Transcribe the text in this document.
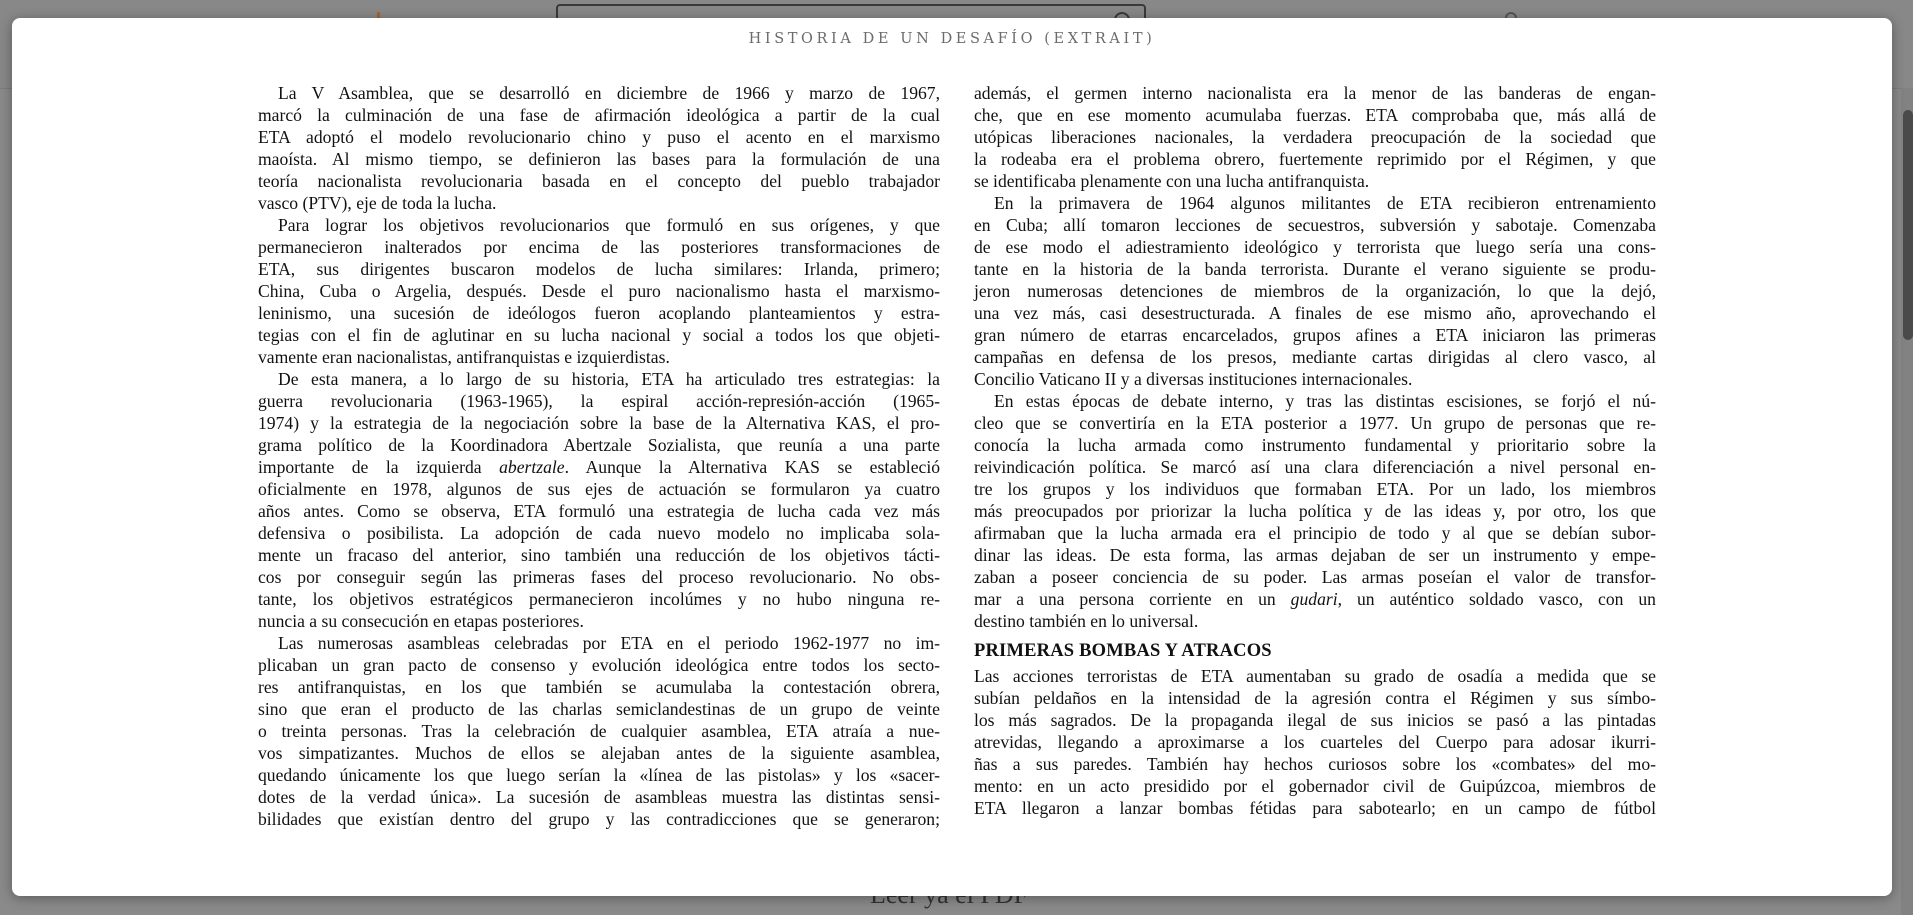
HISTORIA DE UN DESAFÍO (EXTRAIT)

La V Asamblea, que se desarrolló en diciembre de 1966 y marzo de 1967,
marcó la culminación de una fase de afirmación ideológica a partir de la cual
ETA adoptó el modelo revolucionario chino y puso el acento en el marxismo
maoísta. Al mismo tiempo, se definieron las bases para la formulación de una
teoría nacionalista revolucionaria basada en el concepto del pueblo trabajador
vasco (PTV), eje de toda la lucha.

Para lograr los objetivos revolucionarios que formuló en sus orígenes, y que
permanecieron inalterados por encima de las posteriores transformaciones de
ETA, sus dirigentes buscaron modelos de lucha similares: Irlanda, primero;
China, Cuba o Argelia, después. Desde el puro nacionalismo hasta el marxismo-
leninismo, una sucesión de ideólogos fueron acoplando planteamientos y estra-
tegias con el fin de aglutinar en su lucha nacional y social a todos los que objeti-
vamente eran nacionalistas, antifranquistas e izquierdistas.

De esta manera, a lo largo de su historia, ETA ha articulado tres estrategias: la
guerra revolucionaria (1963-1965), la espiral acción-represión-acción (1965-
1974) y la estrategia de la negociación sobre la base de la Alternativa KAS, el pro-
grama político de la Koordinadora Abertzale Sozialista, que reunía a una parte
importante de la izquierda abertzale. Aunque la Alternativa KAS se estableció
oficialmente en 1978, algunos de sus ejes de actuación se formularon ya cuatro
años antes. Como se observa, ETA formuló una estrategia de lucha cada vez más
defensiva o posibilista. La adopción de cada nuevo modelo no implicaba sola-
mente un fracaso del anterior, sino también una reducción de los objetivos tácti-
cos por conseguir según las primeras fases del proceso revolucionario. No obs-
tante, los objetivos estratégicos permanecieron incolúmes y no hubo ninguna re-
nuncia a su consecución en etapas posteriores.

Las numerosas asambleas celebradas por ETA en el periodo 1962-1977 no im-
plicaban un gran pacto de consenso y evolución ideológica entre todos los secto-
res antifranquistas, en los que también se acumulaba la contestación obrera,
sino que eran el producto de las charlas semiclandestinas de un grupo de veinte
o treinta personas. Tras la celebración de cualquier asamblea, ETA atraía a nue-
vos simpatizantes. Muchos de ellos se alejaban antes de la siguiente asamblea,
quedando únicamente los que luego serían la «línea de las pistolas» y los «sacer-
dotes de la verdad única». La sucesión de asambleas muestra las distintas sensi-
bilidades que existían dentro del grupo y las contradicciones que se generaron;

además, el germen interno nacionalista era la menor de las banderas de engan-
che, que en ese momento acumulaba fuerzas. ETA comprobaba que, más allá de
utópicas liberaciones nacionales, la verdadera preocupación de la sociedad que
la rodeaba era el problema obrero, fuertemente reprimido por el Régimen, y que
se identificaba plenamente con una lucha antifranquista.

En la primavera de 1964 algunos militantes de ETA recibieron entrenamiento
en Cuba; allí tomaron lecciones de secuestros, subversión y sabotaje. Comenzaba
de ese modo el adiestramiento ideológico y terrorista que luego sería una cons-
tante en la historia de la banda terrorista. Durante el verano siguiente se produ-
jeron numerosas detenciones de miembros de la organización, lo que la dejó,
una vez más, casi desestructurada. A finales de ese mismo año, aprovechando el
gran número de etarras encarcelados, grupos afines a ETA iniciaron las primeras
campañas en defensa de los presos, mediante cartas dirigidas al clero vasco, al
Concilio Vaticano II y a diversas instituciones internacionales.

En estas épocas de debate interno, y tras las distintas escisiones, se forjó el nú-
cleo que se convertiría en la ETA posterior a 1977. Un grupo de personas que re-
conocía la lucha armada como instrumento fundamental y prioritario sobre la
reivindicación política. Se marcó así una clara diferenciación a nivel personal en-
tre los grupos y los individuos que formaban ETA. Por un lado, los miembros
más preocupados por priorizar la lucha política y de las ideas y, por otro, los que
afirmaban que la lucha armada era el principio de todo y al que se debían subor-
dinar las ideas. De esta forma, las armas dejaban de ser un instrumento y empe-
zaban a poseer conciencia de su poder. Las armas poseían el valor de transfor-
mar a una persona corriente en un gudari, un auténtico soldado vasco, con un
destino también en lo universal.

PRIMERAS BOMBAS Y ATRACOS

Las acciones terroristas de ETA aumentaban su grado de osadía a medida que se
subían peldaños en la intensidad de la agresión contra el Régimen y sus símbo-
los más sagrados. De la propaganda ilegal de sus inicios se pasó a las pintadas
atrevidas, llegando a aproximarse a los cuarteles del Cuerpo para adosar ikurri-
ñas a sus paredes. También hay hechos curiosos sobre los «combates» del mo-
mento: en un acto presidido por el gobernador civil de Guipúzcoa, miembros de
ETA llegaron a lanzar bombas fétidas para sabotearlo; en un campo de fútbol
